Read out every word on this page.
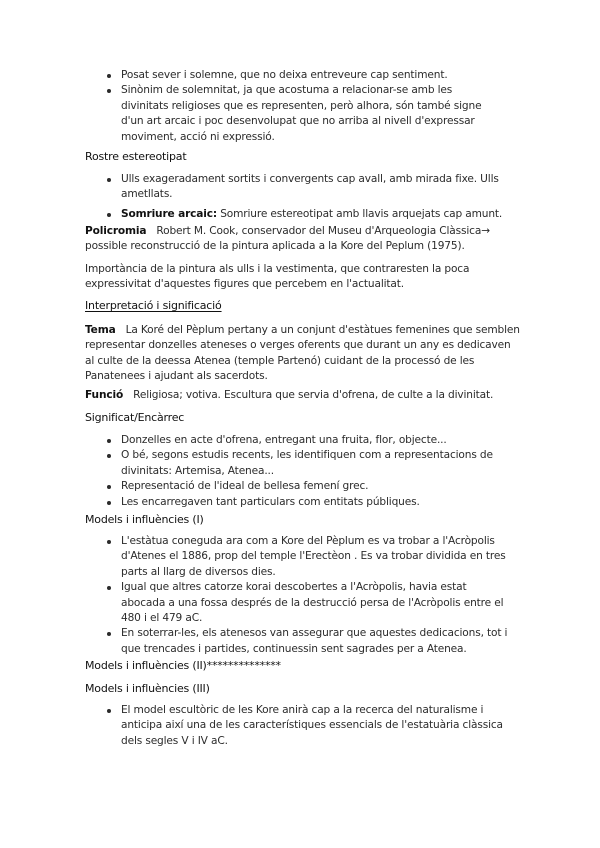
Posat sever i solemne, que no deixa entreveure cap sentiment.
Sinònim de solemnitat, ja que acostuma a relacionar-se amb les divinitats religioses que es representen, però alhora, són també signe d'un art arcaic i poc desenvolupat que no arriba al nivell d'expressar moviment, acció ni expressió.
Rostre estereotipat
Ulls exageradament sortits i convergents cap avall, amb mirada fixe. Ulls ametllats.
Somriure arcaic: Somriure estereotipat amb llavis arquejats cap amunt.
Policromia Robert M. Cook, conservador del Museu d'Arqueologia Clàssica→ possible reconstrucció de la pintura aplicada a la Kore del Peplum (1975).
Importància de la pintura als ulls i la vestimenta, que contraresten la poca expressivitat d'aquestes figures que percebem en l'actualitat.
Interpretació i significació
Tema La Koré del Pèplum pertany a un conjunt d'estàtues femenines que semblen representar donzelles ateneses o verges oferents que durant un any es dedicaven al culte de la deessa Atenea (temple Partenó) cuidant de la processó de les Panatenees i ajudant als sacerdots.
Funció Religiosa; votiva. Escultura que servia d'ofrena, de culte a la divinitat.
Significat/Encàrrec
Donzelles en acte d'ofrena, entregant una fruita, flor, objecte...
O bé, segons estudis recents, les identifiquen com a representacions de divinitats: Artemisa, Atenea...
Representació de l'ideal de bellesa femení grec.
Les encarregaven tant particulars com entitats públiques.
Models i influències (I)
L'estàtua coneguda ara com a Kore del Pèplum es va trobar a l'Acròpolis d'Atenes el 1886, prop del temple l'Erectèon . Es va trobar dividida en tres parts al llarg de diversos dies.
Igual que altres catorze korai descobertes a l'Acròpolis, havia estat abocada a una fossa després de la destrucció persa de l'Acròpolis entre el 480 i el 479 aC.
En soterrar-les, els atenesos van assegurar que aquestes dedicacions, tot i que trencades i partides, continuessin sent sagrades per a Atenea.
Models i influències (II)**************
Models i influències (III)
El model escultòric de les Kore anirà cap a la recerca del naturalisme i anticipa així una de les característiques essencials de l'estatuària clàssica dels segles V i IV aC.
